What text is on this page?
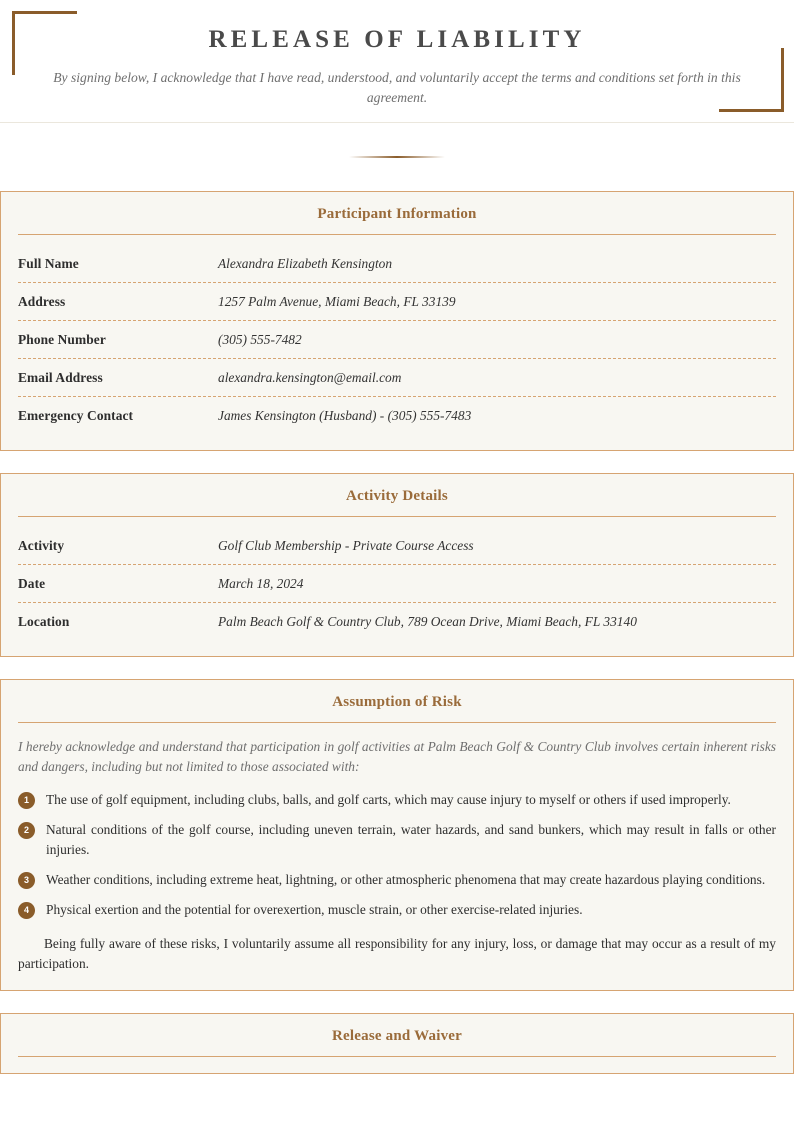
RELEASE OF LIABILITY

By signing below, I acknowledge that I have read, understood, and voluntarily accept the terms and conditions set forth in this agreement.

Participant Information
Full Name	Alexandra Elizabeth Kensington
Address	1257 Palm Avenue, Miami Beach, FL 33139
Phone Number	(305) 555-7482
Email Address	alexandra.kensington@email.com
Emergency Contact	James Kensington (Husband) - (305) 555-7483
Activity Details
Activity	Golf Club Membership - Private Course Access
Date	March 18, 2024
Location	Palm Beach Golf & Country Club, 789 Ocean Drive, Miami Beach, FL 33140
Assumption of Risk

I hereby acknowledge and understand that participation in golf activities at Palm Beach Golf & Country Club involves certain inherent risks and dangers, including but not limited to those associated with:

1	The use of golf equipment, including clubs, balls, and golf carts, which may cause injury to myself or others if used improperly.
2	Natural conditions of the golf course, including uneven terrain, water hazards, and sand bunkers, which may result in falls or other injuries.
3	Weather conditions, including extreme heat, lightning, or other atmospheric phenomena that may create hazardous playing conditions.
4	Physical exertion and the potential for overexertion, muscle strain, or other exercise-related injuries.

Being fully aware of these risks, I voluntarily assume all responsibility for any injury, loss, or damage that may occur as a result of my participation.

Release and Waiver
